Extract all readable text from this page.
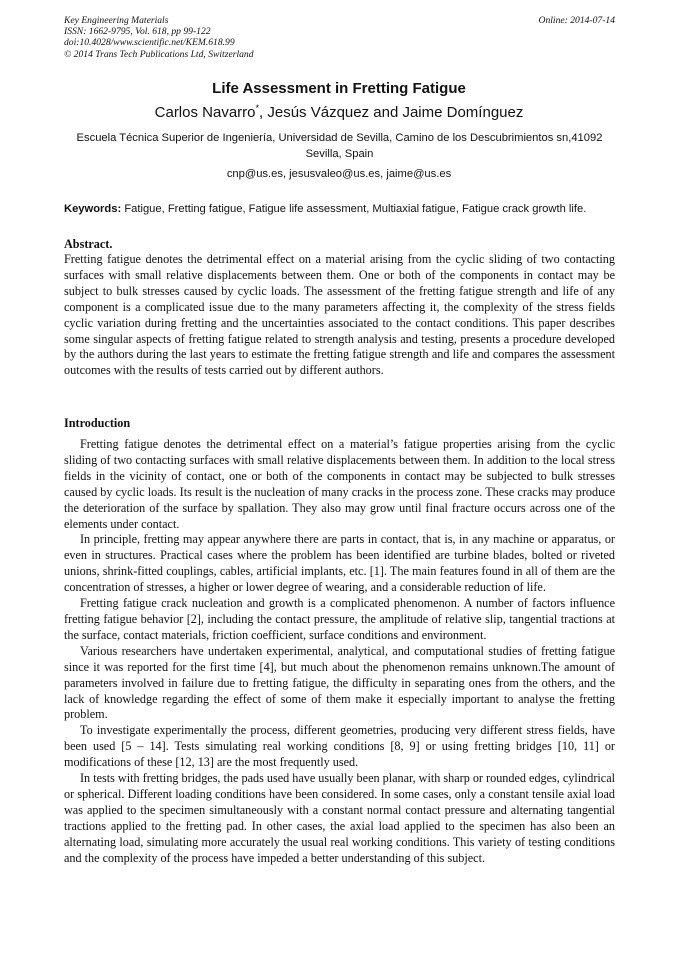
Key Engineering Materials
ISSN: 1662-9795, Vol. 618, pp 99-122
doi:10.4028/www.scientific.net/KEM.618.99
© 2014 Trans Tech Publications Ltd, Switzerland
Online: 2014-07-14
Life Assessment in Fretting Fatigue
Carlos Navarro*, Jesús Vázquez and Jaime Domínguez
Escuela Técnica Superior de Ingeniería, Universidad de Sevilla, Camino de los Descubrimientos sn,41092 Sevilla, Spain
cnp@us.es, jesusvaleo@us.es, jaime@us.es
Keywords: Fatigue, Fretting fatigue, Fatigue life assessment, Multiaxial fatigue, Fatigue crack growth life.
Abstract.

Fretting fatigue denotes the detrimental effect on a material arising from the cyclic sliding of two contacting surfaces with small relative displacements between them. One or both of the components in contact may be subject to bulk stresses caused by cyclic loads. The assessment of the fretting fatigue strength and life of any component is a complicated issue due to the many parameters affecting it, the complexity of the stress fields cyclic variation during fretting and the uncertainties associated to the contact conditions. This paper describes some singular aspects of fretting fatigue related to strength analysis and testing, presents a procedure developed by the authors during the last years to estimate the fretting fatigue strength and life and compares the assessment outcomes with the results of tests carried out by different authors.

Introduction

Fretting fatigue denotes the detrimental effect on a material’s fatigue properties arising from the cyclic sliding of two contacting surfaces with small relative displacements between them. In addition to the local stress fields in the vicinity of contact, one or both of the components in contact may be subjected to bulk stresses caused by cyclic loads. Its result is the nucleation of many cracks in the process zone. These cracks may produce the deterioration of the surface by spallation. They also may grow until final fracture occurs across one of the elements under contact.

In principle, fretting may appear anywhere there are parts in contact, that is, in any machine or apparatus, or even in structures. Practical cases where the problem has been identified are turbine blades, bolted or riveted unions, shrink-fitted couplings, cables, artificial implants, etc. [1]. The main features found in all of them are the concentration of stresses, a higher or lower degree of wearing, and a considerable reduction of life.

Fretting fatigue crack nucleation and growth is a complicated phenomenon. A number of factors influence fretting fatigue behavior [2], including the contact pressure, the amplitude of relative slip, tangential tractions at the surface, contact materials, friction coefficient, surface conditions and environment.

Various researchers have undertaken experimental, analytical, and computational studies of fretting fatigue since it was reported for the first time [4], but much about the phenomenon remains unknown.The amount of parameters involved in failure due to fretting fatigue, the difficulty in separating ones from the others, and the lack of knowledge regarding the effect of some of them make it especially important to analyse the fretting problem.

To investigate experimentally the process, different geometries, producing very different stress fields, have been used [5 – 14]. Tests simulating real working conditions [8, 9] or using fretting bridges [10, 11] or modifications of these [12, 13] are the most frequently used.

In tests with fretting bridges, the pads used have usually been planar, with sharp or rounded edges, cylindrical or spherical. Different loading conditions have been considered. In some cases, only a constant tensile axial load was applied to the specimen simultaneously with a constant normal contact pressure and alternating tangential tractions applied to the fretting pad. In other cases, the axial load applied to the specimen has also been an alternating load, simulating more accurately the usual real working conditions. This variety of testing conditions and the complexity of the process have impeded a better understanding of this subject.
